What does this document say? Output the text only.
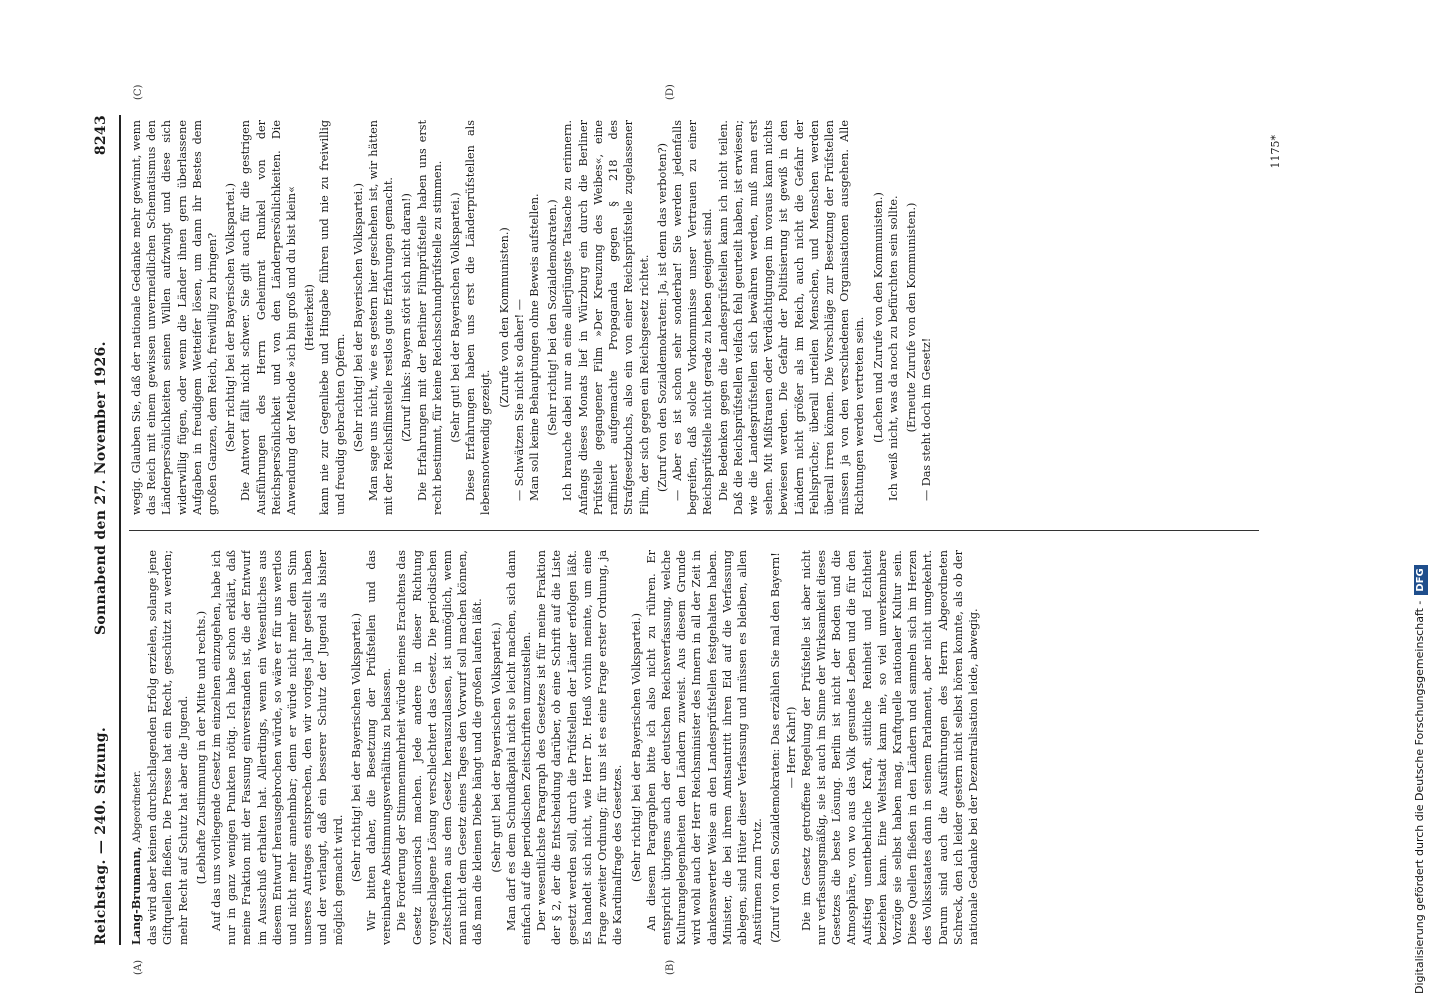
Reichstag. — 240. Sitzung.
Sonnabend den 27. November 1926.
8243
(A)	(B)
(C)	(D)

Lang-Brumann, Abgeordneter. das wird aber keinen durchschlagenden Erfolg erzielen, solange jene Giftquellen fließen. Die Presse hat ein Recht, geschützt zu werden; mehr Recht auf Schutz hat aber die Jugend. (Lebhafte Zustimmung in der Mitte und rechts.) Auf das uns vorliegende Gesetz im einzelnen einzugehen, habe ich nur in ganz wenigen Punkten nötig. Ich habe schon erklärt, daß meine Fraktion mit der Fassung einverstanden ist, die der Entwurf im Ausschuß erhalten hat. Allerdings, wenn ein Wesentliches aus diesem Entwurf herausgebrochen würde, so wäre er für uns wertlos und nicht mehr annehmbar; denn er würde nicht mehr dem Sinn unseres Antrages entsprechen, den wir voriges Jahr gestellt haben und der verlangt, daß ein besserer Schutz der Jugend als bisher möglich gemacht wird. (Sehr richtig! bei der Bayerischen Volkspartei.) Wir bitten daher, die Besetzung der Prüfstellen und das vereinbarte Abstimmungsverhältnis zu belassen. Die Forderung der Stimmenmehrheit würde meines Erachtens das Gesetz illusorisch machen. Jede andere in dieser Richtung vorgeschlagene Lösung verschlechtert das Gesetz. Die periodischen Zeitschriften aus dem Gesetz herauszulassen, ist unmöglich, wenn man nicht dem Gesetz eines Tages den Vorwurf soll machen können, daß man die kleinen Diebe hängt und die großen laufen läßt. (Sehr gut! bei der Bayerischen Volkspartei.) Man darf es dem Schundkapital nicht so leicht machen, sich dann einfach auf die periodischen Zeitschriften umzustellen. Der wesentlichste Paragraph des Gesetzes ist für meine Fraktion der § 2, der die Entscheidung darüber, ob eine Schrift auf die Liste gesetzt werden soll, durch die Prüfstellen der Länder erfolgen läßt. Es handelt sich nicht, wie Herr Dr. Heuß vorhin meinte, um eine Frage zweiter Ordnung; für uns ist es eine Frage erster Ordnung, ja die Kardinalfrage des Gesetzes. (Sehr richtig! bei der Bayerischen Volkspartei.) An diesem Paragraphen bitte ich also nicht zu rühren. Er entspricht übrigens auch der deutschen Reichsverfassung, welche Kulturangelegenheiten den Ländern zuweist. Aus diesem Grunde wird wohl auch der Herr Reichsminister des Innern in all der Zeit in dankenswerter Weise an den Landesprüfstellen festgehalten haben. Minister, die bei ihrem Amtsantritt ihren Eid auf die Verfassung ablegen, sind Hüter dieser Verfassung und müssen es bleiben, allen Anstürmen zum Trotz. (Zuruf von den Sozialdemokraten: Das erzählen Sie mal den Bayern! — Herr Kahr!) Die im Gesetz getroffene Regelung der Prüfstelle ist aber nicht nur verfassungsmäßig, sie ist auch im Sinne der Wirksamkeit dieses Gesetzes die beste Lösung. Berlin ist nicht der Boden und die Atmosphäre, von wo aus das Volk gesundes Leben und die für den Aufstieg unentbehrliche Kraft, sittliche Reinheit und Echtheit beziehen kann. Eine Weltstadt kann nie, so viel unverkennbare Vorzüge sie selbst haben mag, Kraftquelle nationaler Kultur sein. Diese Quellen fließen in den Ländern und sammeln sich im Herzen des Volksstaates dann in seinem Parlament, aber nicht umgekehrt. Darum sind auch die Ausführungen des Herrn Abgeordneten Schreck, den ich leider gestern nicht selbst hören konnte, als ob der nationale Gedanke bei der Dezentralisation leide, abwegig.

wegig. Glauben Sie, daß der nationale Gedanke mehr gewinnt, wenn das Reich mit einem gewissen unvermeidlichen Schematismus den Länderpersönlichkeiten seinen Willen aufzwingt und diese sich widerwillig fügen, oder wenn die Länder ihnen gern überlassene Aufgaben in freudigem Wetteifer lösen, um dann ihr Bestes dem großen Ganzen, dem Reich, freiwillig zu bringen? (Sehr richtig! bei der Bayerischen Volkspartei.) Die Antwort fällt nicht schwer. Sie gilt auch für die gestrigen Ausführungen des Herrn Geheimrat Runkel von der Reichspersönlichkeit und von den Länderpersönlichkeiten. Die Anwendung der Methode »ich bin groß und du bist klein« (Heiterkeit) kann nie zur Gegenliebe und Hingabe führen und nie zu freiwillig und freudig gebrachten Opfern. (Sehr richtig! bei der Bayerischen Volkspartei.) Man sage uns nicht, wie es gestern hier geschehen ist, wir hätten mit der Reichsfilmstelle restlos gute Erfahrungen gemacht. (Zuruf links: Bayern stört sich nicht daran!) Die Erfahrungen mit der Berliner Filmprüfstelle haben uns erst recht bestimmt, für keine Reichsschundprüfstelle zu stimmen. (Sehr gut! bei der Bayerischen Volkspartei.) Diese Erfahrungen haben uns erst die Länderprüfstellen als lebensnotwendig gezeigt.

(Zurufe von den Kommunisten.) — Schwätzen Sie nicht so daher! — Man soll keine Behauptungen ohne Beweis aufstellen. (Sehr richtig! bei den Sozialdemokraten.) Ich brauche dabei nur an eine allerjüngste Tatsache zu erinnern. Anfangs dieses Monats lief in Würzburg ein durch die Berliner Prüfstelle gegangener Film »Der Kreuzung des Weibes«, eine raffiniert aufgemachte Propaganda gegen § 218 des Strafgesetzbuchs, also ein von einer Reichsprüfstelle zugelassener Film, der sich gegen ein Reichsgesetz richtet. (Zuruf von den Sozialdemokraten: Ja, ist denn das verboten?) — Aber es ist schon sehr sonderbar! Sie werden jedenfalls begreifen, daß solche Vorkommnisse unser Vertrauen zu einer Reichsprüfstelle nicht gerade zu heben geeignet sind. Die Bedenken gegen die Landesprüfstellen kann ich nicht teilen. Daß die Reichsprüfstellen vielfach fehl geurteilt haben, ist erwiesen; wie die Landesprüfstellen sich bewähren werden, muß man erst sehen. Mit Mißtrauen oder Verdächtigungen im voraus kann nichts bewiesen werden. Die Gefahr der Politisierung ist gewiß in den Ländern nicht größer als im Reich, auch nicht die Gefahr der Fehlsprüche; überall urteilen Menschen, und Menschen werden überall irren können. Die Vorschläge zur Besetzung der Prüfstellen müssen ja von den verschiedenen Organisationen ausgehen. Alle Richtungen werden vertreten sein. (Lachen und Zurufe von den Kommunisten.) Ich weiß nicht, was da noch zu befürchten sein sollte. (Erneute Zurufe von den Kommunisten.) — Das steht doch im Gesetz!

1175*
Digitalisierung gefördert durch die Deutsche Forschungsgemeinschaft -DFG
